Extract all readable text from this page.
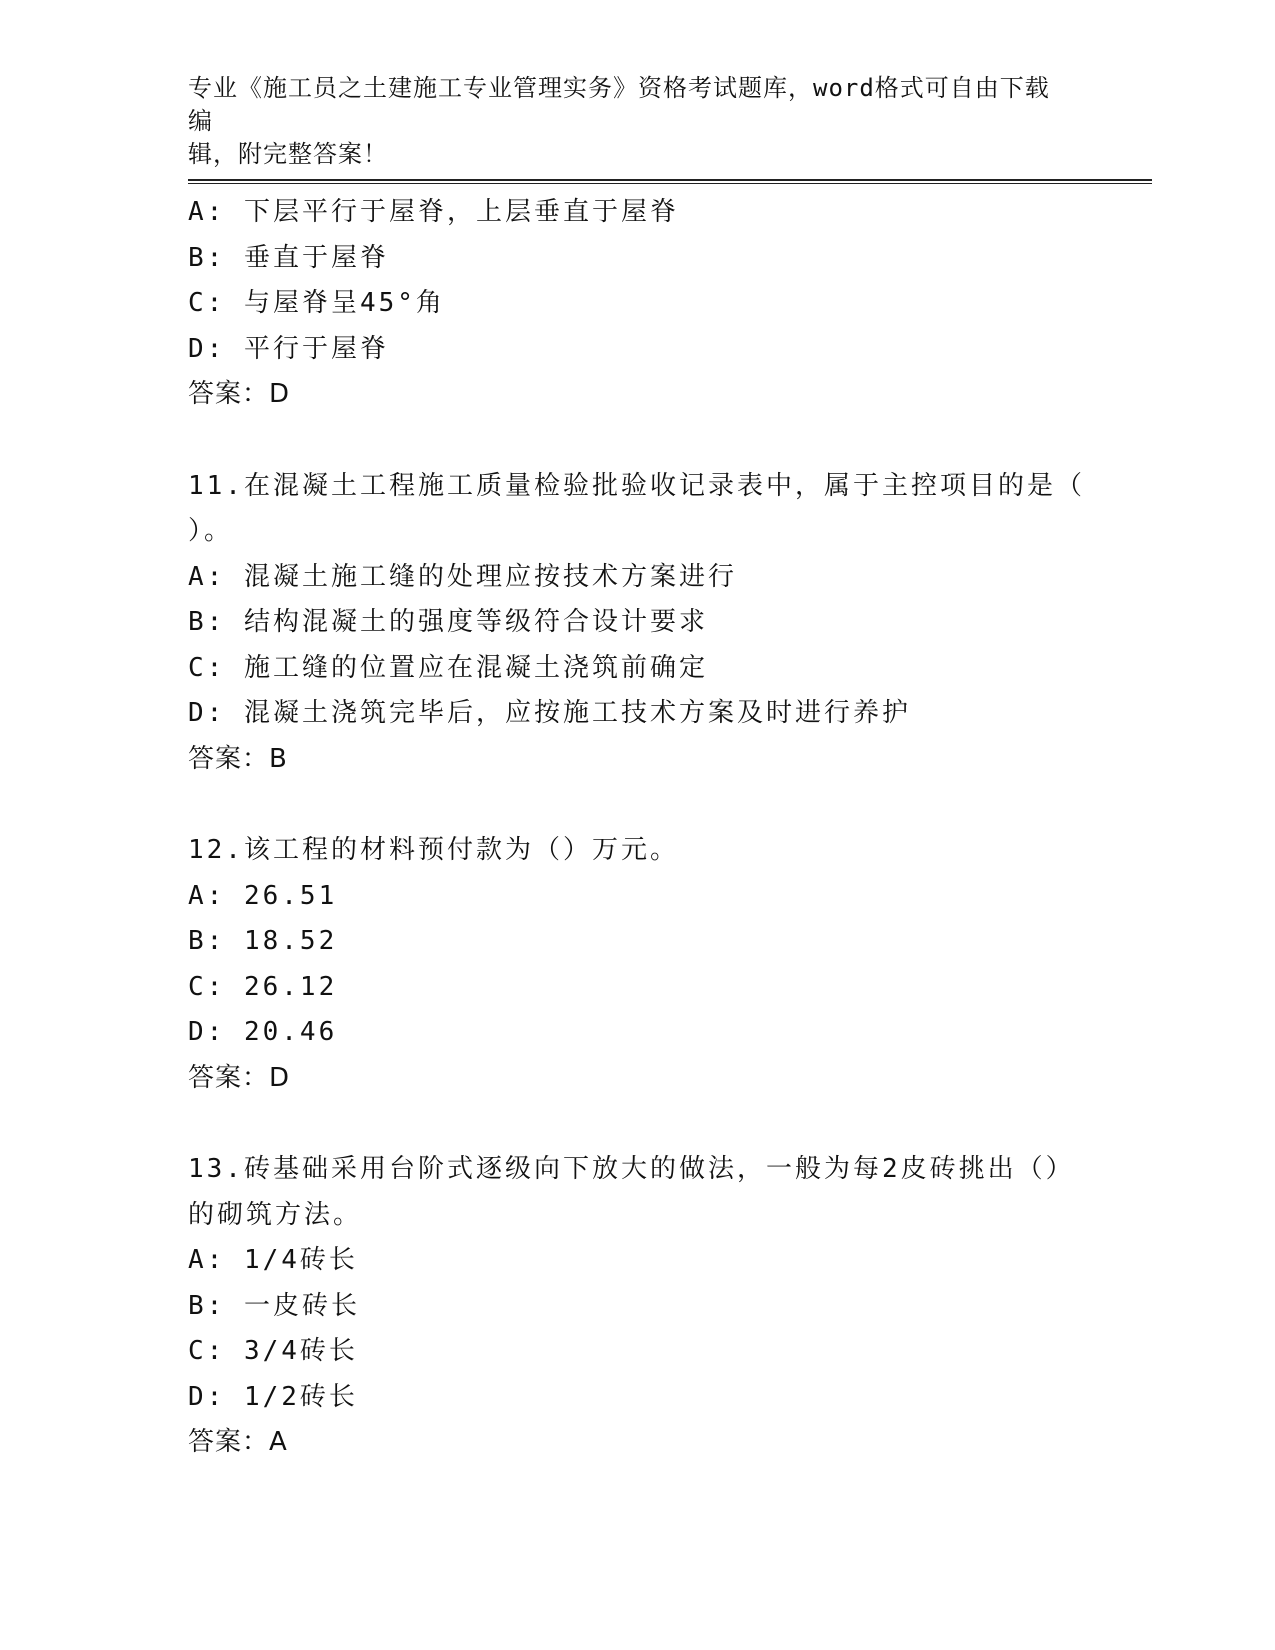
专业《施工员之土建施工专业管理实务》资格考试题库，word格式可自由下载编
辑，附完整答案！
A: 下层平行于屋脊，上层垂直于屋脊
B: 垂直于屋脊
C: 与屋脊呈45°角
D: 平行于屋脊
答案：D
11.在混凝土工程施工质量检验批验收记录表中，属于主控项目的是（
）。
A: 混凝土施工缝的处理应按技术方案进行
B: 结构混凝土的强度等级符合设计要求
C: 施工缝的位置应在混凝土浇筑前确定
D: 混凝土浇筑完毕后，应按施工技术方案及时进行养护
答案：B
12.该工程的材料预付款为（）万元。
A: 26.51
B: 18.52
C: 26.12
D: 20.46
答案：D
13.砖基础采用台阶式逐级向下放大的做法，一般为每2皮砖挑出（）
的砌筑方法。
A: 1/4砖长
B: 一皮砖长
C: 3/4砖长
D: 1/2砖长
答案：A
